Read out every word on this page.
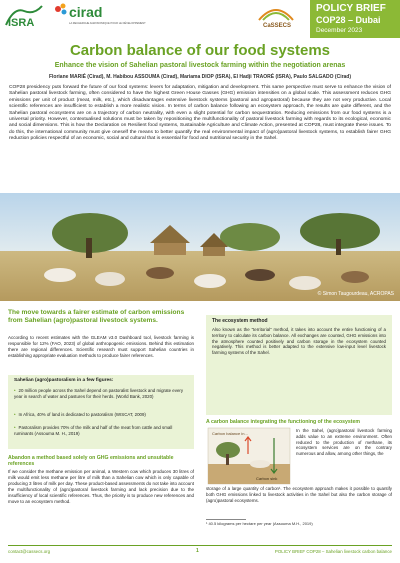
ISRA
cirad
LA RECHERCHE AGRONOMIQUE POUR LE DÉVELOPPEMENT	CaSSECS
POLICY BRIEF
COP28 – Dubai
December 2023
Carbon balance of our food systems
Enhance the vision of Sahelian pastoral livestock farming within the negotiation arenas
Floriane MARIÉ (Cirad), M. Habibou ASSOUMA (Cirad), Mariama DIOP (ISRA), El Hadji TRAORÉ (ISRA), Paulo SALGADO (Cirad)
COP28 presidency puts forward the future of our food systems: levers for adaptation, mitigation and development. This same perspective must serve to enhance the vision of Sahelian pastoral livestock farming, often considered to have the highest Green House Gasses (GHG) emission intensities on a global scale. This assessment reduces GHG emissions per unit of product (meat, milk, etc.), which disadvantages extensive livestock systems (pastoral and agropastoral) because they are not very productive. Local scientific references are insufficient to establish a more realistic vision. In terms of carbon balance following an ecosystem approach, the results are quite different, and the Sahelian pastoral ecosystems are on a trajectory of carbon neutrality, with even a slight potential for carbon sequestration. Reducing emissions from our food systems is a universal priority. However, contextualised solutions must be taken by repositioning the multifunctionality of pastoral livestock farming with regards to its ecological, economic and social dimensions. This is how the Declaration on Resilient food systems, Sustainable Agriculture and Climate Action, presented at COP28, must integrate these issues. To do this, the international community must give oneself the means to better quantify the real environmental impact of (agro)pastoral livestock systems, to establish fairer GHG reduction policies respectful of an economic, social and cultural that is essential for food and nutritional security in the Sahel.
© Simon Taugourdeau, ACROPAS
The move towards a fairer estimate of carbon emissions from Sahelian (agro)pastoral livestock systems.
According to recent estimates with the GLEAM v3.0 Dashboard tool, livestock farming is responsible for 12% (FAO, 2023) of global anthropogenic emissions. Behind this estimation there are regional differences. Scientific research must support Sahelian countries in establishing appropriate evaluation methods to produce fairer references.
Sahelian (agro)pastoralism in a few figures:
• 20 million people across the Sahel depend on pastoralist livestock and migrate every year in search of water and pastures for their herds. (World Bank, 2020)
• In Africa, 40% of land is dedicated to pastoralism (WISCAT, 2009)
• Pastoralism provides 70% of the milk and half of the meat from cattle and small ruminants (Assouma M. H., 2019)
Abandon a method based solely on GHG emissions and unsuitable references
If we consider the methane emission per animal, a Western cow which produces 30 litres of milk would emit less methane per litre of milk than a Sahelian cow which is only capable of producing 3 litres of milk per day. These product-based assessments do not take into account the multifunctionality of (agro)pastoral livestock farming and lack precision due to the insufficiency of local scientific references. Thus, the priority is to produce new references and move to an ecosystem method.
The ecosystem method
Also known as the “territorial” method, it takes into account the entire functioning of a territory to calculate its carbon balance. All exchanges are counted, GHG emissions into the atmosphere counted positively and carbon storage in the ecosystem counted negatively. This method is better adapted to the extensive low-input level livestock farming systems of the Sahel.
A carbon balance integrating the functioning of the ecosystem
Carbon balance in...
Carbon sink
In the Sahel, (agro)pastoral livestock farming adds value to an extreme environment. Often reduced to the production of methane, its ecosystem services are on the contrary numerous and allow, among other things, the
storage of a large quantity of carbon¹. The ecosystem approach makes it possible to quantify both GHG emissions linked to livestock activities in the Sahel but also the carbon storage of (agro)pastoral ecosystems.
¹ 40.5 kilograms per hectare per year (Assouma M.H., 2019)
contact@cassecs.org	1	POLICY BRIEF COP28 – Sahelian livestock carbon balance
